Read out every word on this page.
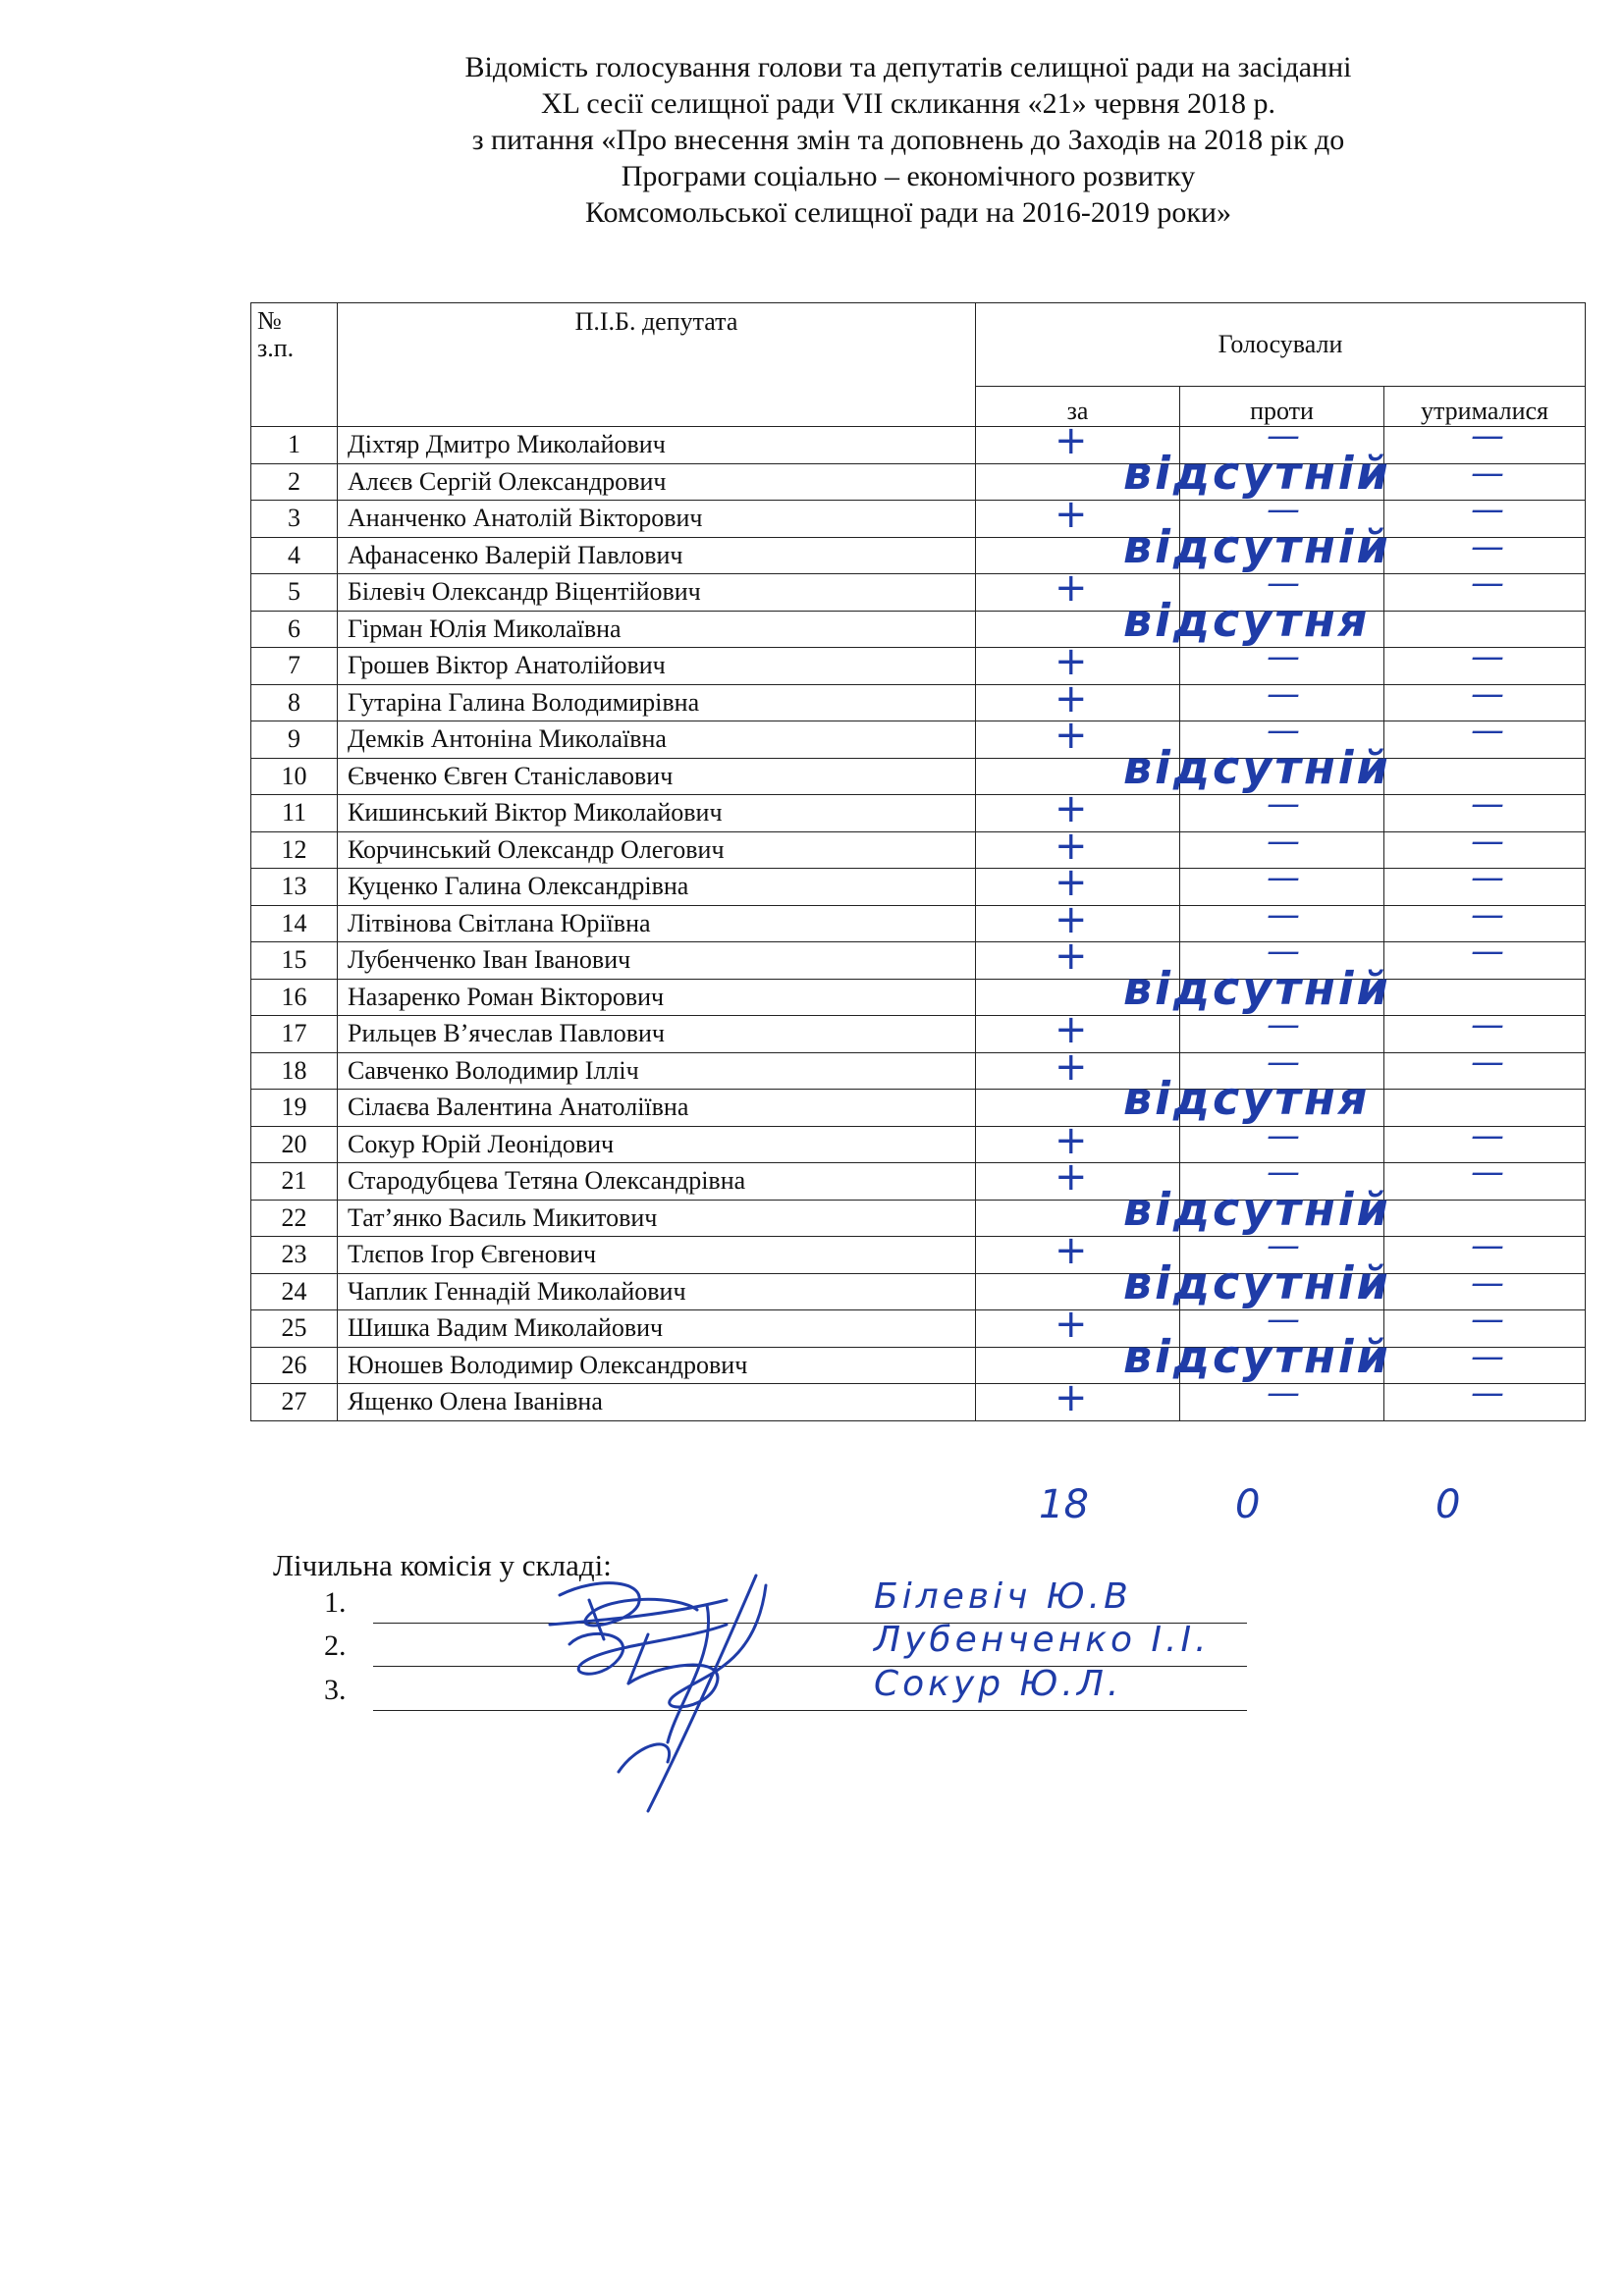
Відомість голосування голови та депутатів селищної ради на засіданні
XL сесії селищної ради VII скликання «21» червня 2018 р.
з питання «Про внесення змін та доповнень до Заходів на 2018 рік до
Програми соціально – економічного розвитку
Комсомольської селищної ради на 2016-2019 роки»
№
з.п.	П.І.Б. депутата	Голосували		
		за	проти	утрималися
1	Діхтяр Дмитро Миколайович	+	—	—

2	Алєєв Сергій Олександрович	відсутній		—

3	Ананченко Анатолій Вікторович	+	—	—

4	Афанасенко Валерій Павлович	відсутній		—

5	Білевіч Олександр Віцентійович	+	—	—

6	Гірман Юлія Миколаївна	відсутня		

7	Грошев Віктор Анатолійович	+	—	—

8	Гутаріна Галина Володимирівна	+	—	—

9	Демків Антоніна Миколаївна	+	—	—

10	Євченко Євген Станіславович	відсутній		

11	Кишинський Віктор Миколайович	+	—	—

12	Корчинський Олександр Олегович	+	—	—

13	Куценко Галина Олександрівна	+	—	—

14	Літвінова Світлана Юріївна	+	—	—

15	Лубенченко Іван Іванович	+	—	—

16	Назаренко Роман Вікторович	відсутній		

17	Рильцев В’ячеслав Павлович	+	—	—

18	Савченко Володимир Ілліч	+	—	—

19	Сілаєва Валентина Анатоліївна	відсутня		

20	Сокур Юрій Леонідович	+	—	—

21	Стародубцева Тетяна Олександрівна	+	—	—

22	Тат’янко Василь Микитович	відсутній		

23	Тлєпов Ігор Євгенович	+	—	—

24	Чаплик Геннадій Миколайович	відсутній		—

25	Шишка Вадим Миколайович	+	—	—

26	Юношев Володимир Олександрович	відсутній		—

27	Ященко Олена Іванівна	+	—	—
18	0	0
Лічильна комісія у складі:
1.	Білевіч Ю.В
2.	Лубенченко І.І.
3.	Сокур Ю.Л.
